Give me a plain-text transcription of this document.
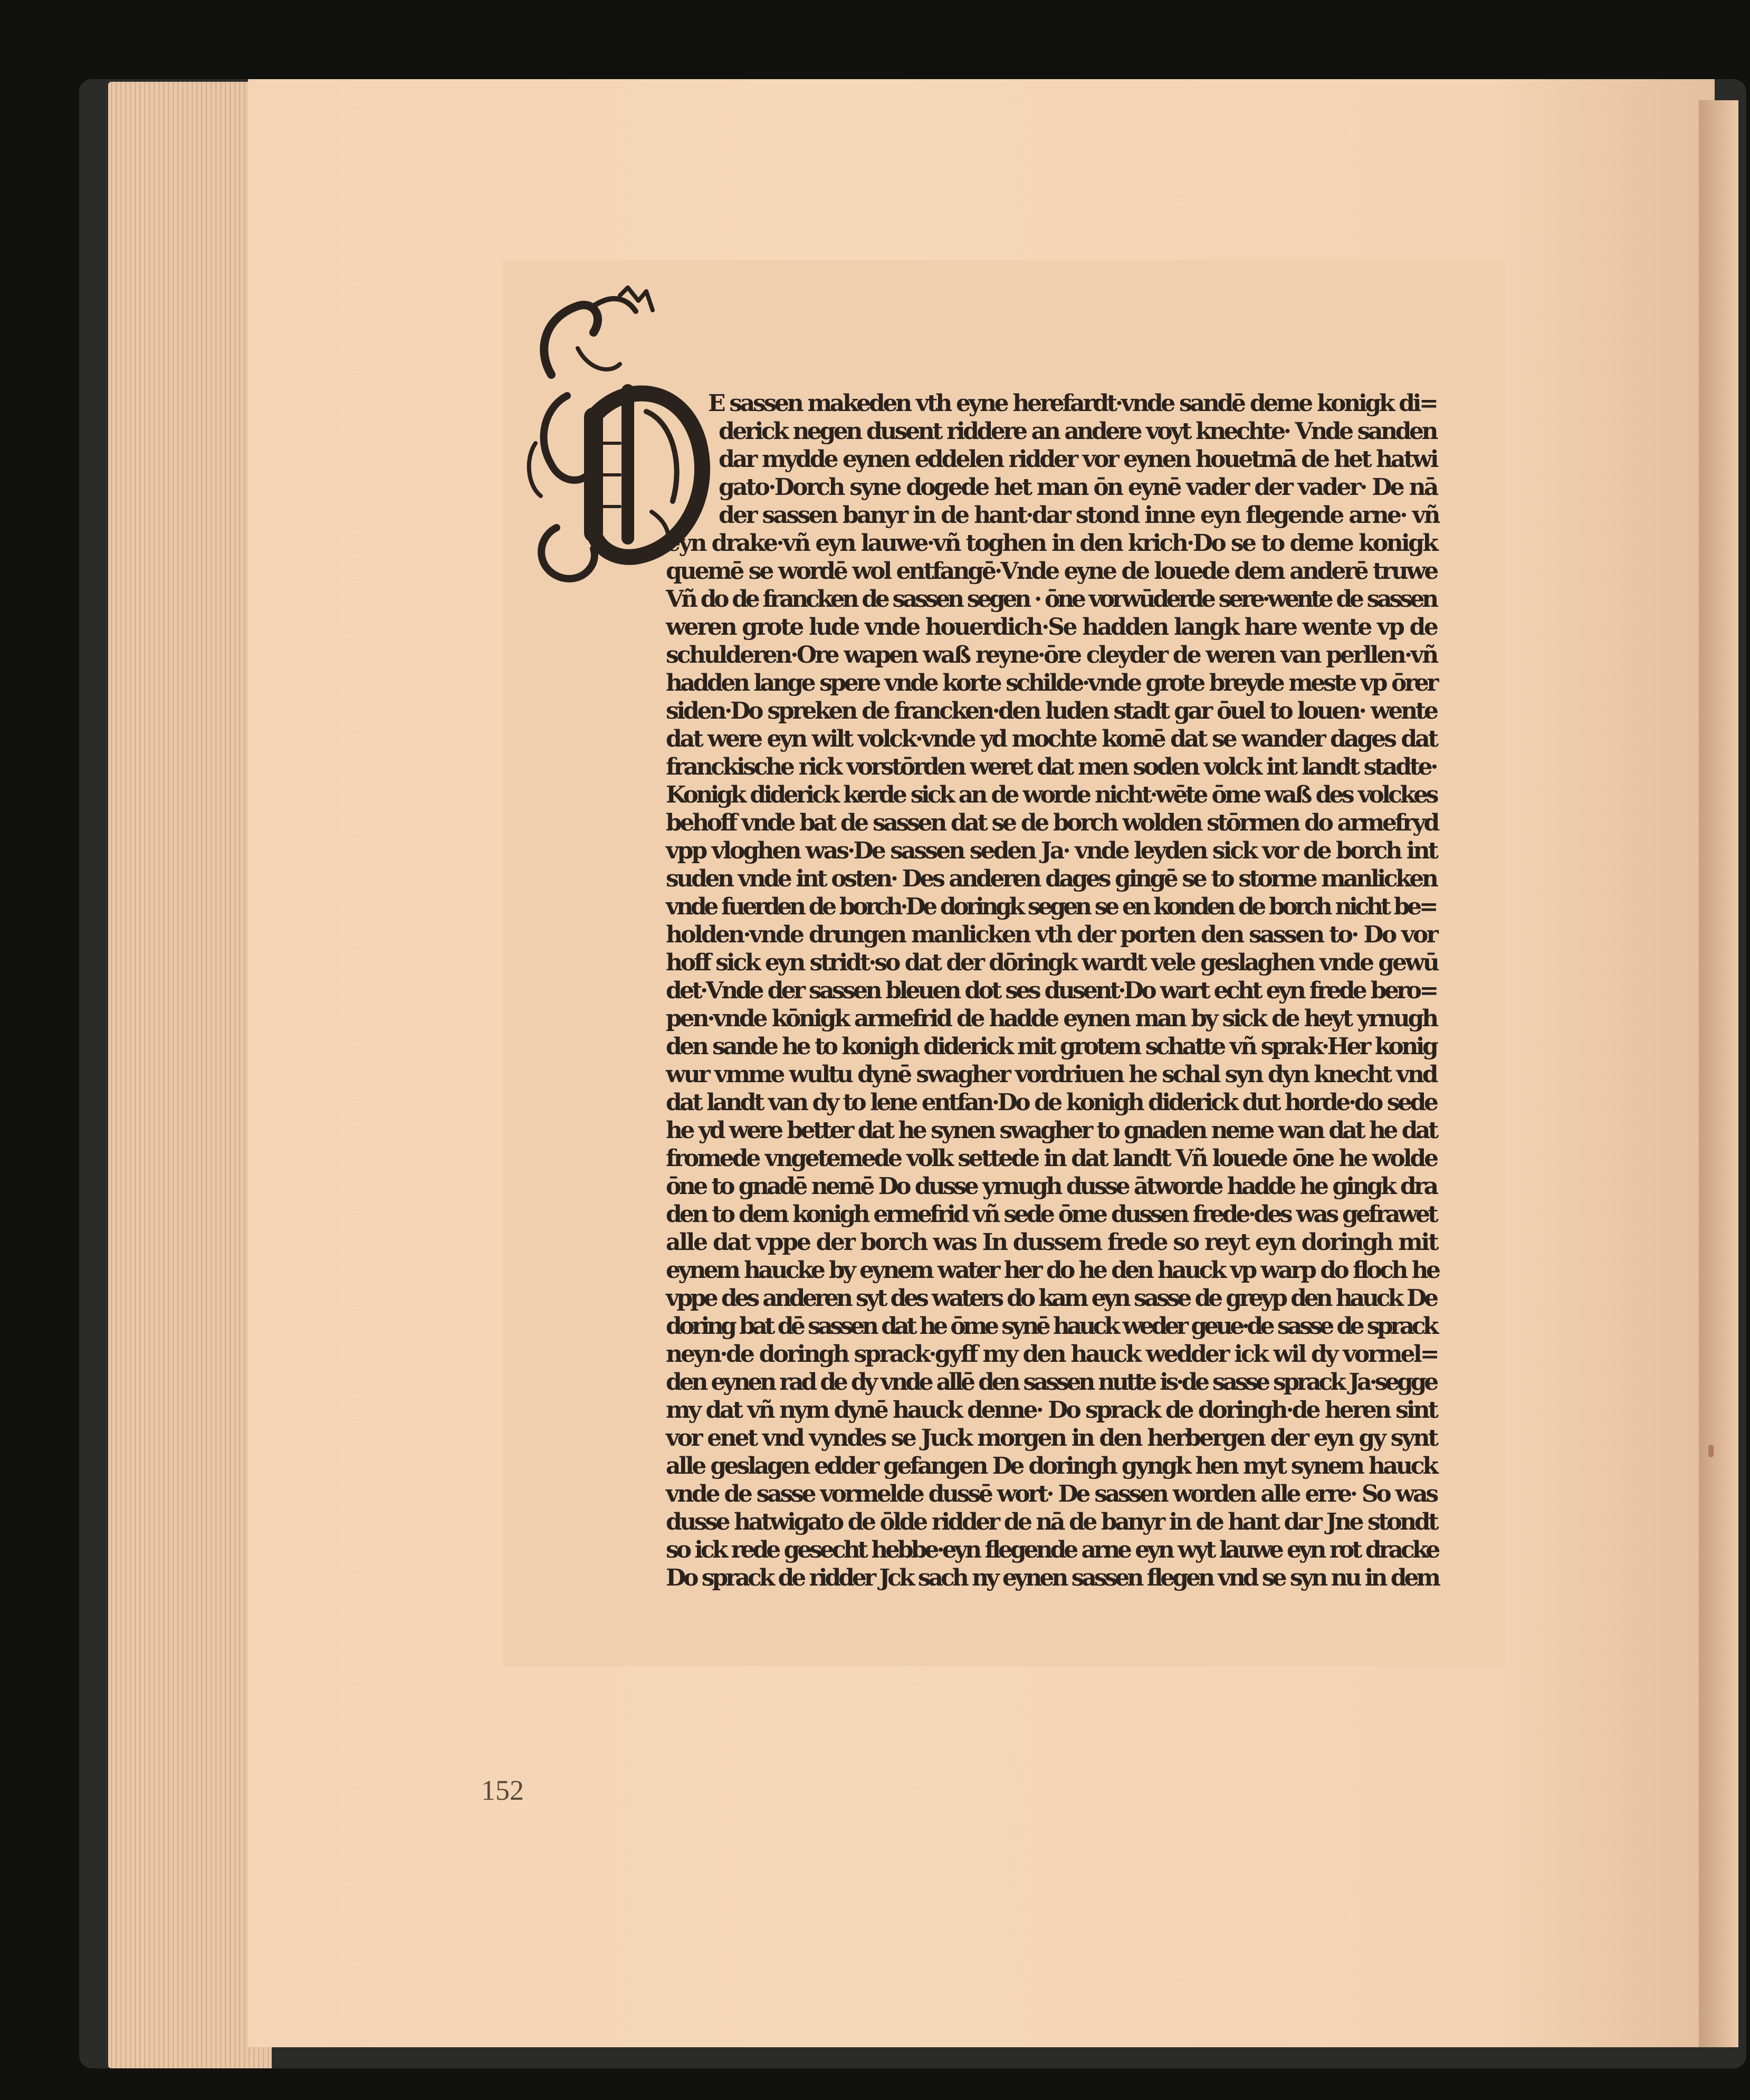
E sassen makeden vth eyne herefardt·vnde sandē deme konigk di=
derick negen dusent riddere an andere voyt knechte· Vnde sanden
dar mydde eynen eddelen ridder vor eynen houetmā de het hatwi
gato·Dorch syne dogede het man ōn eynē vader der vader· De nā
der sassen banyr in de hant·dar stond inne eyn flegende arne· vñ
eyn drake·vñ eyn lauwe·vñ toghen in den krich·Do se to deme konigk
quemē se wordē wol entfangē·Vnde eyne de louede dem anderē truwe
Vñ do de francken de sassen segen · ōne vorwūderde sere·wente de sassen
weren grote lude vnde houerdich·Se hadden langk hare wente vp de
schulderen·Ore wapen waß reyne·ōre cleyder de weren van perllen·vñ
hadden lange spere vnde korte schilde·vnde grote breyde meste vp ōrer
siden·Do spreken de francken·den luden stadt gar ōuel to louen· wente
dat were eyn wilt volck·vnde yd mochte komē dat se wander dages dat
franckische rick vorstōrden weret dat men soden volck int landt stadte·
Konigk diderick kerde sick an de worde nicht·wēte ōme waß des volckes
behoff vnde bat de sassen dat se de borch wolden stōrmen do armefryd
vpp vloghen was·De sassen seden Ja· vnde leyden sick vor de borch int
suden vnde int osten· Des anderen dages gingē se to storme manlicken
vnde fuerden de borch·De doringk segen se en konden de borch nicht be=
holden·vnde drungen manlicken vth der porten den sassen to· Do vor
hoff sick eyn stridt·so dat der dōringk wardt vele geslaghen vnde gewū
det·Vnde der sassen bleuen dot ses dusent·Do wart echt eyn frede bero=
pen·vnde kōnigk armefrid de hadde eynen man by sick de heyt yrnugh
den sande he to konigh diderick mit grotem schatte vñ sprak·Her konig
wur vmme wultu dynē swagher vordriuen he schal syn dyn knecht vnd
dat landt van dy to lene entfan·Do de konigh diderick dut horde·do sede
he yd were better dat he synen swagher to gnaden neme wan dat he dat
fromede vngetemede volk settede in dat landt Vñ louede ōne he wolde
ōne to gnadē nemē Do dusse yrnugh dusse ātworde hadde he gingk dra
den to dem konigh ermefrid vñ sede ōme dussen frede·des was gefrawet
alle dat vppe der borch was In dussem frede so reyt eyn doringh mit
eynem haucke by eynem water her do he den hauck vp warp do floch he
vppe des anderen syt des waters do kam eyn sasse de greyp den hauck De
doring bat dē sassen dat he ōme synē hauck weder geue·de sasse de sprack
neyn·de doringh sprack·gyff my den hauck wedder ick wil dy vormel=
den eynen rad de dy vnde allē den sassen nutte is·de sasse sprack Ja·segge
my dat vñ nym dynē hauck denne· Do sprack de doringh·de heren sint
vor enet vnd vyndes se Juck morgen in den herbergen der eyn gy synt
alle geslagen edder gefangen De doringh gyngk hen myt synem hauck
vnde de sasse vormelde dussē wort· De sassen worden alle erre· So was
dusse hatwigato de ōlde ridder de nā de banyr in de hant dar Jne stondt
so ick rede gesecht hebbe·eyn flegende arne eyn wyt lauwe eyn rot dracke
Do sprack de ridder Jck sach ny eynen sassen flegen vnd se syn nu in dem
152
